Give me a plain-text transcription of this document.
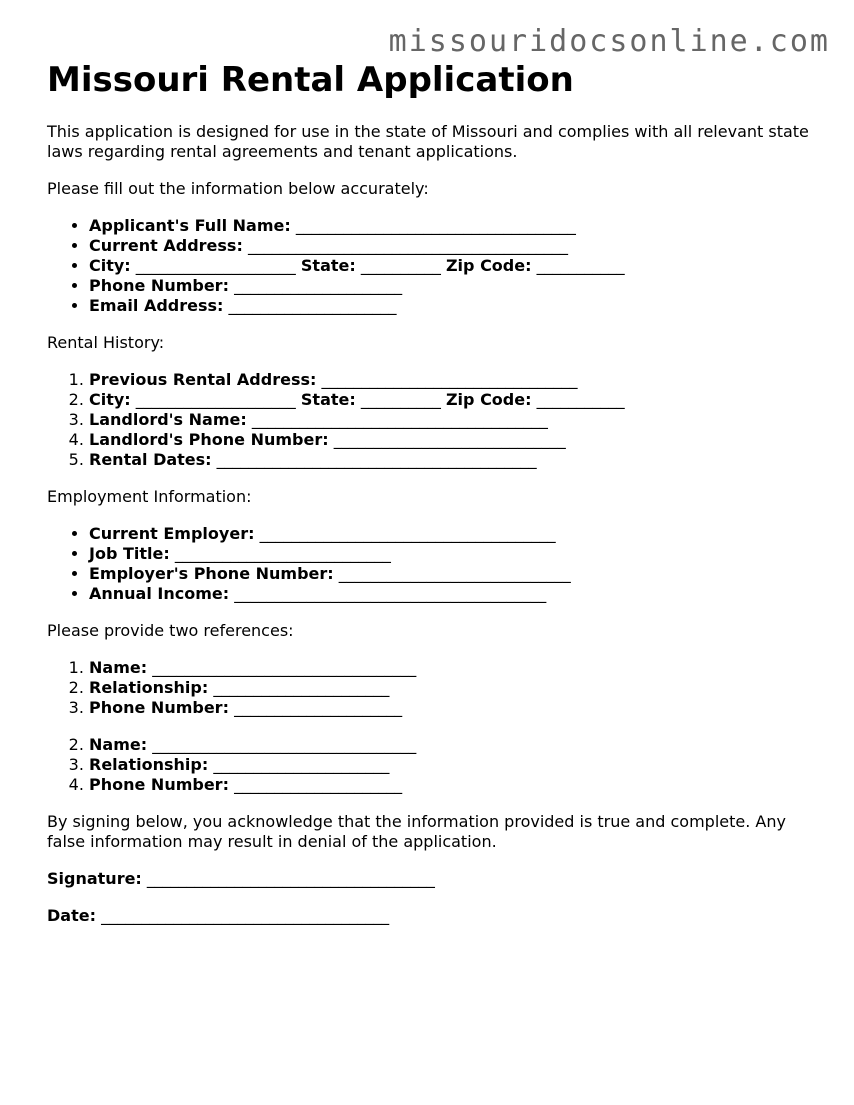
missouridocsonline.com
Missouri Rental Application

This application is designed for use in the state of Missouri and complies with all relevant state laws regarding rental agreements and tenant applications.

Please fill out the information below accurately:

• Applicant's Full Name: ___________________________________
• Current Address: ________________________________________
• City: ____________________ State: __________ Zip Code: ___________
• Phone Number: _____________________
• Email Address: _____________________

Rental History:

1. Previous Rental Address: ________________________________
2. City: ____________________ State: __________ Zip Code: ___________
3. Landlord's Name: _____________________________________
4. Landlord's Phone Number: _____________________________
5. Rental Dates: ________________________________________

Employment Information:

• Current Employer: _____________________________________
• Job Title: ___________________________
• Employer's Phone Number: _____________________________
• Annual Income: _______________________________________

Please provide two references:

1. Name: _________________________________
2. Relationship: ______________________
3. Phone Number: _____________________
2. Name: _________________________________
3. Relationship: ______________________
4. Phone Number: _____________________

By signing below, you acknowledge that the information provided is true and complete. Any false information may result in denial of the application.

Signature: ____________________________________
Date: ____________________________________
